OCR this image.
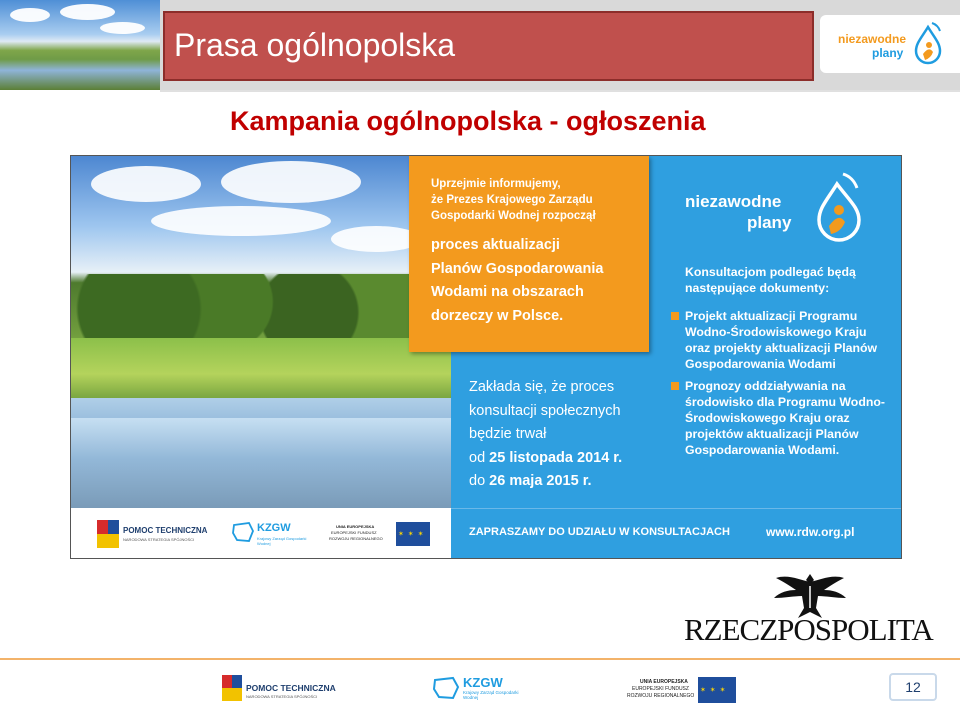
Prasa ogólnopolska	niezawodne
plany
Kampania ogólnopolska - ogłoszenia
POMOC TECHNICZNA
NARODOWA STRATEGIA SPÓJNOŚCI
KZGW
Krajowy Zarząd Gospodarki Wodnej
UNIA EUROPEJSKA
EUROPEJSKI FUNDUSZ
ROZWOJU REGIONALNEGO
✶ ✶ ✶
Uprzejmie informujemy,
że Prezes Krajowego Zarządu
Gospodarki Wodnej rozpoczął
proces aktualizacji
Planów Gospodarowania
Wodami na obszarach
dorzeczy w Polsce.
Zakłada się, że proces
konsultacji społecznych
będzie trwał
od 25 listopada 2014 r.
do 26 maja 2015 r.
niezawodne
plany
Konsultacjom podlegać będą następujące dokumenty:
Projekt aktualizacji Programu Wodno-Środowiskowego Kraju oraz projekty aktualizacji Planów Gospodarowania Wodami
Prognozy oddziaływania na środowisko dla Programu Wodno-Środowiskowego Kraju oraz projektów aktualizacji Planów Gospodarowania Wodami.
ZAPRASZAMY DO UDZIAŁU W KONSULTACJACH	www.rdw.org.pl
RZECZPOSPOLITA
POMOC TECHNICZNA
NARODOWA STRATEGIA SPÓJNOŚCI
KZGW
Krajowy Zarząd Gospodarki Wodnej
UNIA EUROPEJSKA
EUROPEJSKI FUNDUSZ
ROZWOJU REGIONALNEGO
✶ ✶ ✶
12
